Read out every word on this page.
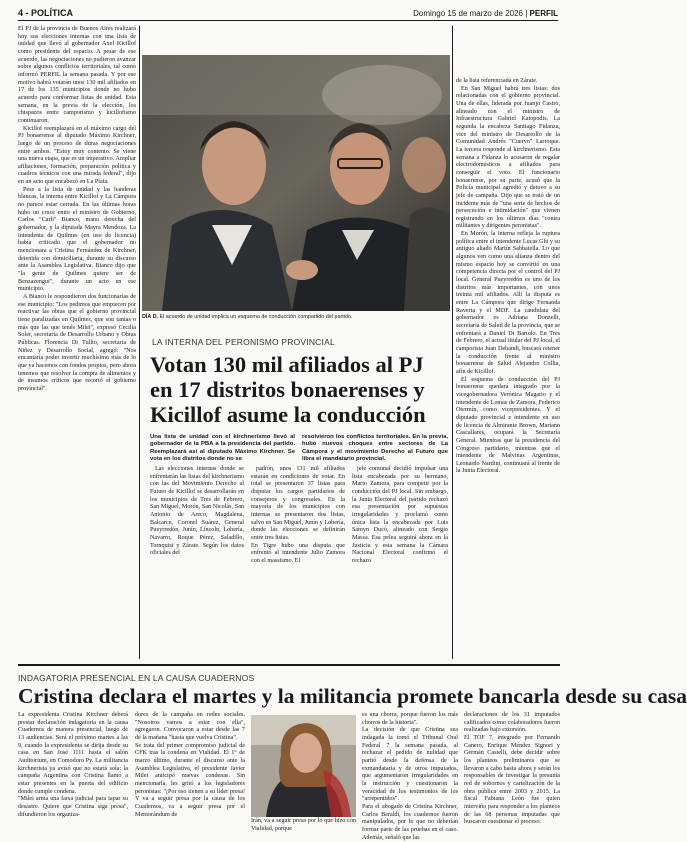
4 - POLÍTICA	Domingo 15 de marzo de 2026 | PERFIL

El PJ de la provincia de Buenos Aires realizará hoy sus elecciones internas con una lista de unidad que llevó al gobernador Axel Kicillof como presidente del espacio. A pesar de ese acuerdo, las negociaciones no pudieron avanzar sobre algunos conflictos territoriales, tal como informó PERFIL la semana pasada. Y por ese motivo habrá votarán unos 130 mil afiliados en 17 de los 135 municipios donde no hubo acuerdo para conformar listas de unidad. Esta semana, en la previa de la elección, los chispazos entre camporismo y kicillofismo continuaron.

Kicillof reemplazará en el máximo cargo del PJ bonaerense al diputado Máximo Kirchner, luego de un proceso de duras negociaciones entre ambos. "Estoy muy contento. Se viene una nueva etapa, que es un imperativo. Ampliar afiliaciones, formación, preparación política y cuadros técnicos con una mirada federal", dijo en un acto que encabezó en La Plata.

Pese a la lista de unidad y las banderas blancas, la interna entre Kicillof y La Cámpora no parece estar cerrada. En las últimas horas hubo un cruce entre el ministro de Gobierno, Carlos "Carli" Bianco, mano derecha del gobernador, y la diputada Mayra Mendoza. La intendenta de Quilmes (en uso de licencia) había criticado que el gobernador no mencionara a Cristina Fernández de Kirchner, detenida con domiciliaria, durante su discurso ante la Asamblea Legislativa. Bianco dijo que "la gente de Quilmes quiere ser de Benzazengui", durante un acto en ese municipio.

A Bianco le respondieron dos funcionarias de ese municipio: "Los pedimos que empiecen por reactivar las obras que el gobierno provincial tiene paralizadas en Quilmes, que son tantas o más que las que tenés Milei", expresó Cecilia Soler, secretaria de Desarrollo Urbano y Obras Públicas. Florencia Di Tullio, secretaria de Niñez y Desarrollo Social, agregó: "Nos encantaría poder invertir muchísimo más de lo que ya hacemos con fondos propios, pero ahora tenemos que resolver la compra de alimentos y de insumos críticos que recortó el gobierno provincial".

DÍA D. El acuerdo de unidad implica un esquema de conducción compartido del partido.

de la lista referenciada en Zárate.

En San Miguel habrá tres listas: dos relacionadas con el gobierno provincial. Una de ellas, liderada por Juanjo Castro, alineado con el ministro de Infraestructura Gabriel Katopodis. La segunda la encabeza Santiago Fidanza, vice del ministro de Desarrollo de la Comunidad Andrés "Cuervo" Larroque. La tercera responde al kirchnerismo. Esta semana a Fidanza lo acusaron de regalar electrodomésticos a afiliados para conseguir el voto. El funcionario bonaerense, por su parte, acusó que la Policía municipal agredió y detuvo a su jefe de campaña. Dijo que se trató de un incidente más de "una serie de hechos de persecución e intimidación" que vienen registrando en los últimos días "contra militantes y dirigentes peronistas".

En Morón, la interna refleja la ruptura política entre el intendente Lucas Ghi y su antiguo aliado Martín Sabbatella. Lo que algunos ven como una alianza dentro del mismo espacio hoy se convirtió en una competencia directa por el control del PJ local. General Pueyrredón es uno de los distritos más importantes, con unos treinta mil afiliados. Allí la disputa es entre La Cámpora que dirige Fernanda Raverta y el MDF. La candidata del gobernador es Adriana Donzelli, secretaria de Salud de la provincia, que se enfrentará a Daniel Di Bartolo. En Tres de Febrero, el actual titular del PJ local, el camporista Juan Debandi, buscará retener la conducción frente al ministro bonaerense de Salud Alejandro Collia, afín de Kicillof.

El esquema de conducción del PJ bonaerense quedará integrado por la vicegobernadora Verónica Magario y el intendente de Lomas de Zamora, Federico Otermín, como vicepresidentes. Y el diputado provincial e intendente en uso de licencia de Almirante Brown, Mariano Cascallares, ocupará la Secretaría General. Mientras que la presidencia del Congreso partidario, mientras que el intendente de Malvinas Argentinas, Leonardo Nardini, continuará al frente de la Junta Electoral.

LA INTERNA DEL PERONISMO PROVINCIAL
Votan 130 mil afiliados al PJ en 17 distritos bonaerenses y Kicillof asume la conducción
Una lista de unidad con el kirchnerismo llevó al gobernador de la PBA a la presidencia del partido. Reemplazará así al diputado Máximo Kirchner. Se vota en los distritos donde no se
resolvieron los conflictos territoriales. En la previa, hubo nuevos choques entre sectores de La Cámpora y el movimiento Derecho al Futuro que libra el mandatario provincial.
Las elecciones internas donde se enfrentarán las listas del kirchnerismo con las del Movimiento Derecho al Futuro de Kicillof se desarrollarán en los municipios de Tres de Febrero, San Miguel, Morón, San Nicolás, San Antonio de Areco, Magdalena, Balcarce, Coronel Suárez, General Pueyrredón, Junín, Lincoln, Lobería, Navarro, Roque Pérez, Saladillo, Tornquist y Zárate. Según los datos oficiales del
padrón, unos 131 mil afiliados estarán en condiciones de votar. En total se presentaron 37 listas para disputar los cargos partidarios de consejeros y congresales. En la mayoría de los municipios con internas se presentaron dos listas, salvo en San Miguel, Junín y Lobería, donde las elecciones se definirán entre tres listas.
En Tigre hubo una disputa que enfrentó al intendente Julio Zamora con el massismo. El
jefe comunal decidió impulsar una lista encabezada por su hermano, Mario Zamora, para competir por la conducción del PJ local. Sin embargo, la Junta Electoral del partido rechazó esa presentación por supuestas irregularidades y proclamó como única lista la encabezada por Luis Samyn Ducó, alineado con Sergio Massa. Esa pelea seguirá ahora en la Justicia y esta semana la Cámara Nacional Electoral confirmó el rechazo
INDAGATORIA PRESENCIAL EN LA CAUSA CUADERNOS
Cristina declara el martes y la militancia promete bancarla desde su casa
La expresidenta Cristina Kirchner deberá prestar declaración indagatoria en la causa Cuadernos de manera presencial, luego de 13 audiencias. Será el próximo martes a las 9, cuando la expresidenta se dirija desde su casa en San José 1111 hasta el salón Auditorium, en Comodoro Py. La militancia kirchnerista ya avisó que no estará sola: la campaña Argentina con Cristina llamó a estar presentes en la puerta del edificio donde cumple condena.
"Milei arma una farsa judicial para tapar su desastre. Quiere que Cristina siga presa", difundieron los organiza-
dores de la campaña en redes sociales. "Nosotros vamos a estar con ella", agregaron. Convocaron a estar desde las 7 de la mañana "hasta que vuelva Cristina".
Se trata del primer compromiso judicial de CFK tras la condena en Vialidad. El 1° de marzo último, durante el discurso ante la Asamblea Legislativa, el presidente Javier Milei anticipó nuevas condenas. Sin mencionarla, les gritó a los legisladores peronistas: "¡Por eso tienen a su líder presa! Y va a seguir presa por la causa de los Cuadernos, va a seguir presa por el Memorándum de
Irán, va a seguir presa por lo que hizo con Vialidad, porque
es una chorra, porque fueron los más chorros de la historia".
La decisión de que Cristina sea indagada la tomó el Tribunal Oral Federal 7 la semana pasada, al rechazar el pedido de nulidad que partió desde la defensa de la exmandataria y de otros imputados, que argumentaron irregularidades en la instrucción y cuestionaron la veracidad de los testimonios de los "arrepentidos".
Para el abogado de Cristina Kirchner, Carlos Beraldi, los cuadernos fueron manipulados, por lo que no deberían formar parte de las pruebas en el caso. Además, señaló que las
declaraciones de los 31 imputados calificados como colaboradores fueron realizadas bajo extorsión.
El TOF 7, integrado por Fernando Canero, Enrique Méndez Signori y Germán Castelli, debe decidir sobre los planteos preliminares que se llevaron a cabo hasta ahora y serán los responsables de investigar la presunta red de sobornos y cartelización de la obra pública entre 2003 y 2015. La fiscal Fabiana León fue quien interviño para responder a los planteos de las 68 personas imputadas que buscaron cuestionar el proceso.
